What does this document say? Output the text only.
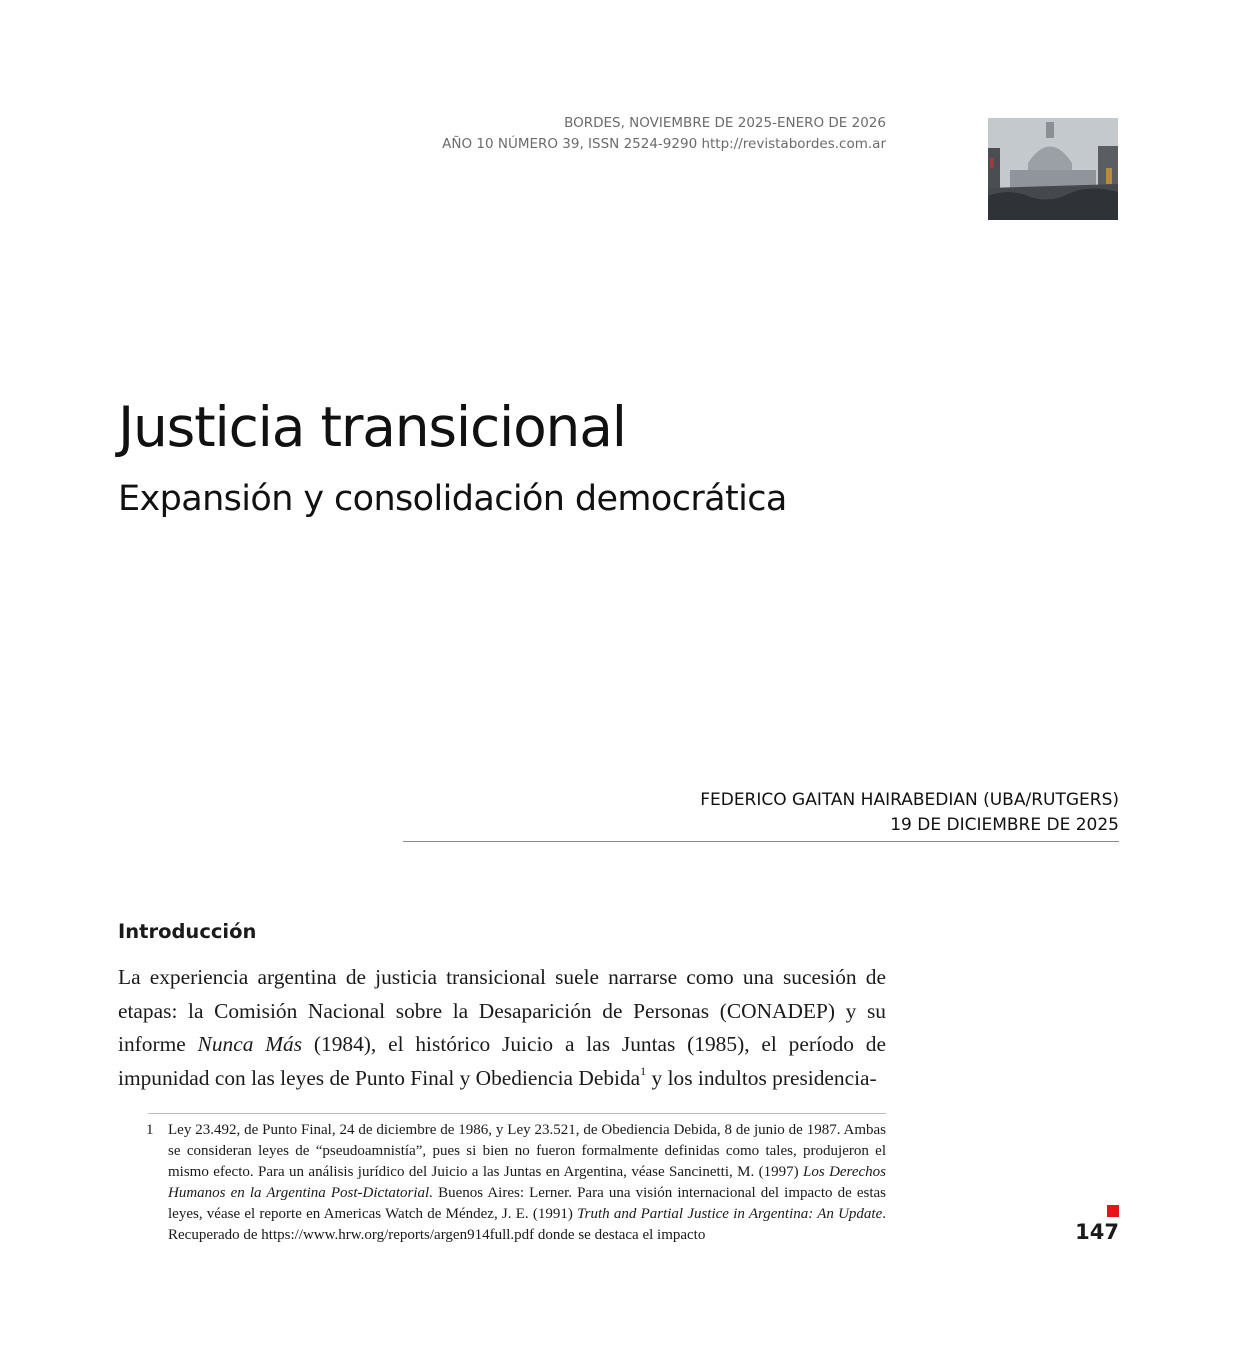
BORDES, NOVIEMBRE DE 2025-ENERO DE 2026
AÑO 10 NÚMERO 39, ISSN 2524-9290 http://revistabordes.com.ar
Justicia transicional
Expansión y consolidación democrática
FEDERICO GAITAN HAIRABEDIAN (UBA/RUTGERS)
19 DE DICIEMBRE DE 2025
Introducción

La experiencia argentina de justicia transicional suele narrarse como una sucesión de etapas: la Comisión Nacional sobre la Desaparición de Personas (CONADEP) y su informe Nunca Más (1984), el histórico Juicio a las Juntas (1985), el período de impunidad con las leyes de Punto Final y Obediencia Debida$^1$ y los indultos presidencia-

1 Ley 23.492, de Punto Final, 24 de diciembre de 1986, y Ley 23.521, de Obediencia Debida, 8 de junio de 1987. Ambas se consideran leyes de “pseudoamnistía”, pues si bien no fueron formalmente definidas como tales, produjeron el mismo efecto. Para un análisis jurídico del Juicio a las Juntas en Argentina, véase Sancinetti, M. (1997) Los Derechos Humanos en la Argentina Post-Dictatorial. Buenos Aires: Lerner. Para una visión internacional del impacto de estas leyes, véase el reporte en Americas Watch de Méndez, J. E. (1991) Truth and Partial Justice in Argentina: An Update. Recuperado de https://www.hrw.org/reports/argen914full.pdf donde se destaca el impacto	147
